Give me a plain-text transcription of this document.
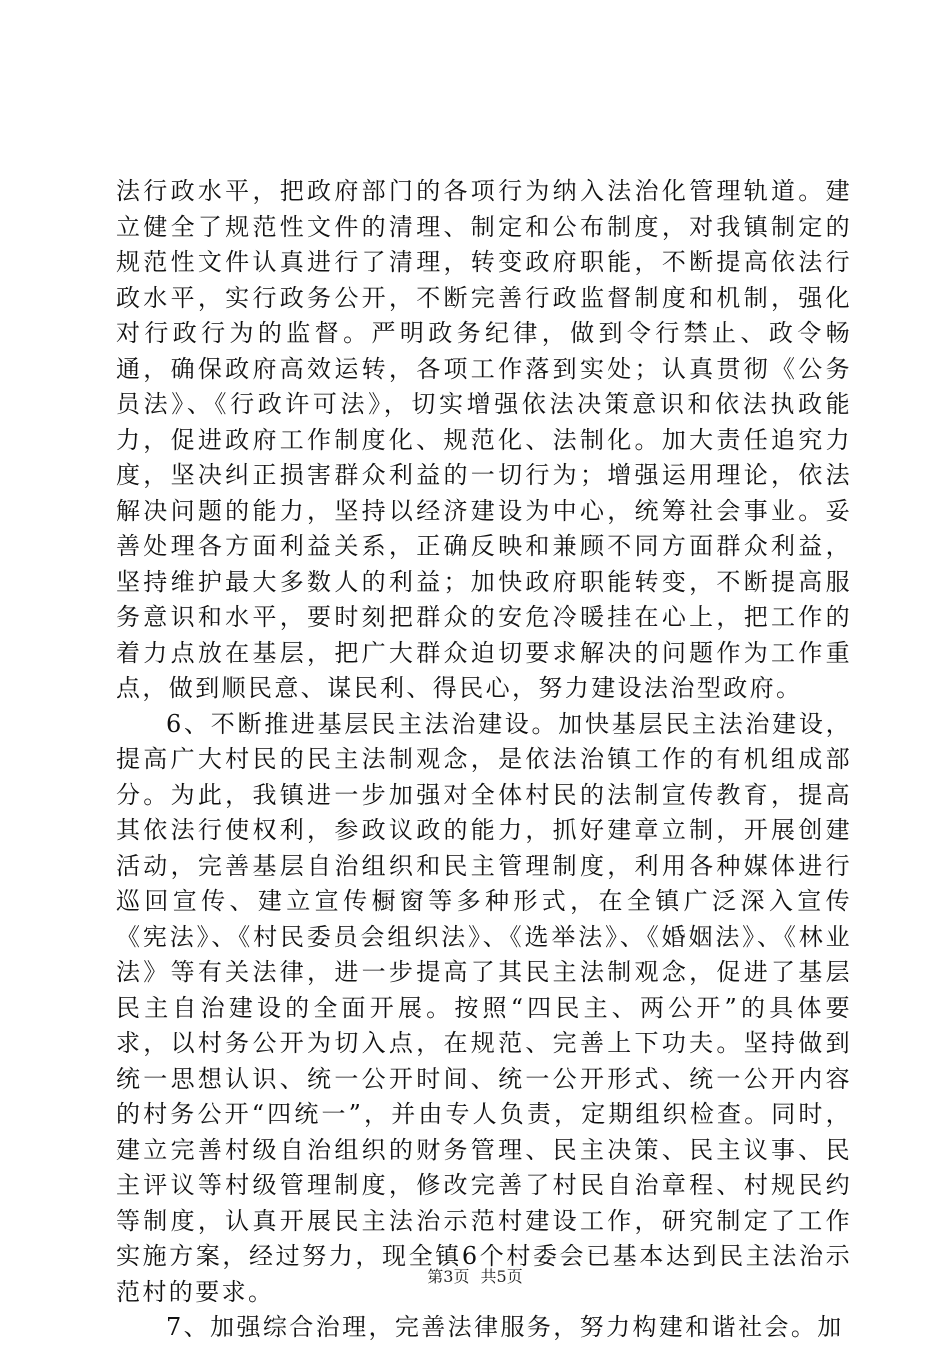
法行政水平，把政府部门的各项行为纳入法治化管理轨道。建立健全了规范性文件的清理、制定和公布制度，对我镇制定的规范性文件认真进行了清理，转变政府职能，不断提高依法行政水平，实行政务公开，不断完善行政监督制度和机制，强化对行政行为的监督。严明政务纪律，做到令行禁止、政令畅通，确保政府高效运转，各项工作落到实处；认真贯彻《公务员法》、《行政许可法》，切实增强依法决策意识和依法执政能力，促进政府工作制度化、规范化、法制化。加大责任追究力度，坚决纠正损害群众利益的一切行为；增强运用理论，依法解决问题的能力，坚持以经济建设为中心，统筹社会事业。妥善处理各方面利益关系，正确反映和兼顾不同方面群众利益，坚持维护最大多数人的利益；加快政府职能转变，不断提高服务意识和水平，要时刻把群众的安危冷暖挂在心上，把工作的着力点放在基层，把广大群众迫切要求解决的问题作为工作重点，做到顺民意、谋民利、得民心，努力建设法治型政府。

6、不断推进基层民主法治建设。加快基层民主法治建设，提高广大村民的民主法制观念，是依法治镇工作的有机组成部分。为此，我镇进一步加强对全体村民的法制宣传教育，提高其依法行使权利，参政议政的能力，抓好建章立制，开展创建活动，完善基层自治组织和民主管理制度，利用各种媒体进行巡回宣传、建立宣传橱窗等多种形式，在全镇广泛深入宣传《宪法》、《村民委员会组织法》、《选举法》、《婚姻法》、《林业法》等有关法律，进一步提高了其民主法制观念，促进了基层民主自治建设的全面开展。按照“四民主、两公开”的具体要求，以村务公开为切入点，在规范、完善上下功夫。坚持做到统一思想认识、统一公开时间、统一公开形式、统一公开内容的村务公开“四统一”，并由专人负责，定期组织检查。同时，建立完善村级自治组织的财务管理、民主决策、民主议事、民主评议等村级管理制度，修改完善了村民自治章程、村规民约等制度，认真开展民主法治示范村建设工作，研究制定了工作实施方案，经过努力，现全镇6个村委会已基本达到民主法治示范村的要求。

7、加强综合治理，完善法律服务，努力构建和谐社会。加

第3页 共5页
